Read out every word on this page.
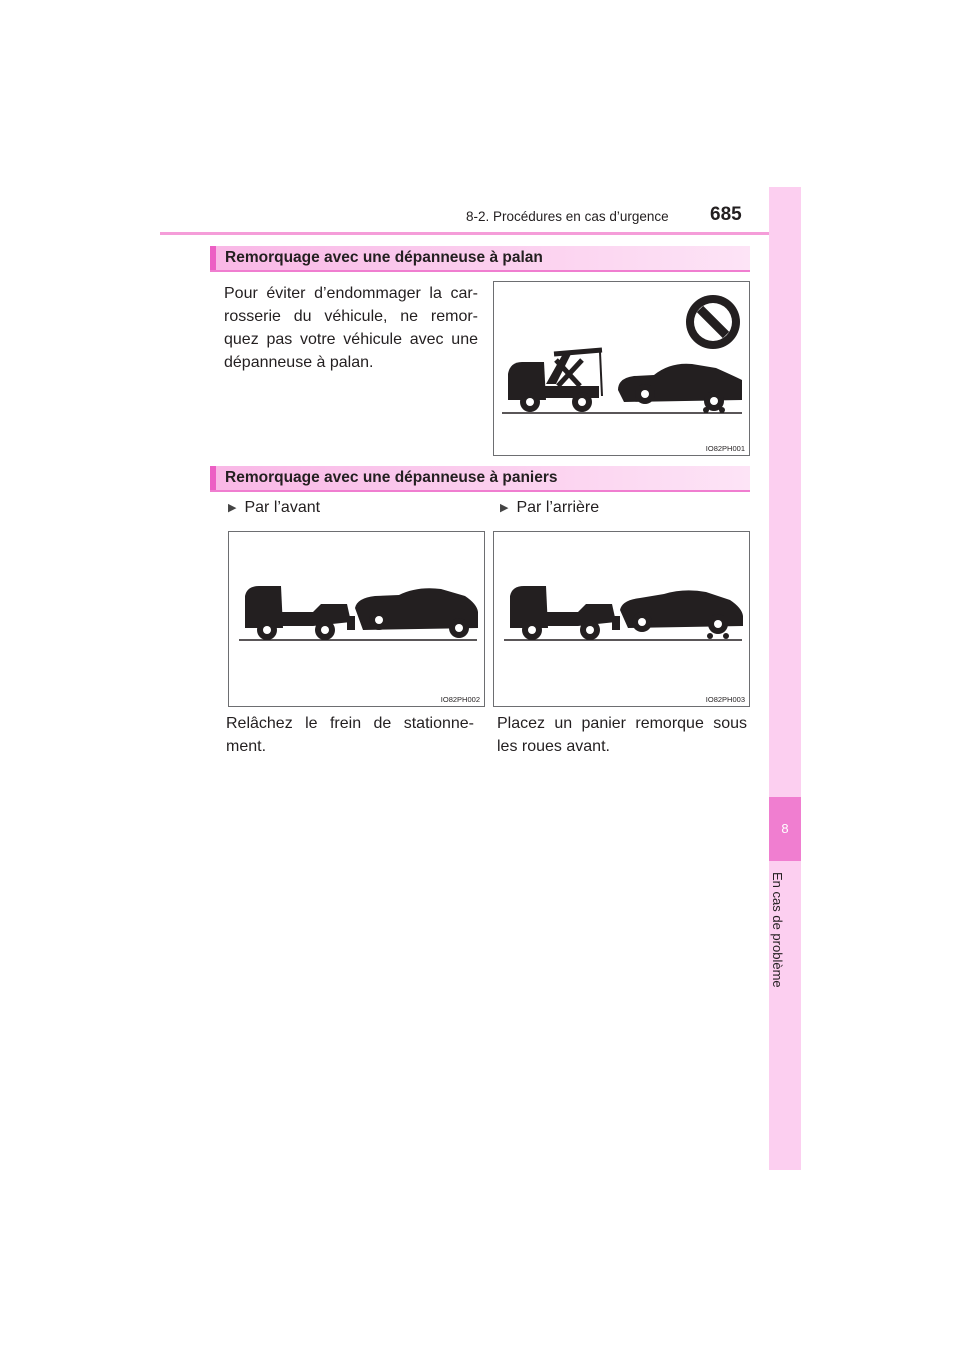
8-2. Procédures en cas d’urgence 685
8
En cas de problème
Remorquage avec une dépanneuse à palan
Pour éviter d’endommager la car-rosserie du véhicule, ne remor-quez pas votre véhicule avec une dépanneuse à palan.
IO82PH001
Remorquage avec une dépanneuse à paniers
▶ Par l’avant	▶ Par l’arrière
IO82PH002	IO82PH003
Relâchez le frein de stationne-ment.
Placez un panier remorque sous les roues avant.
